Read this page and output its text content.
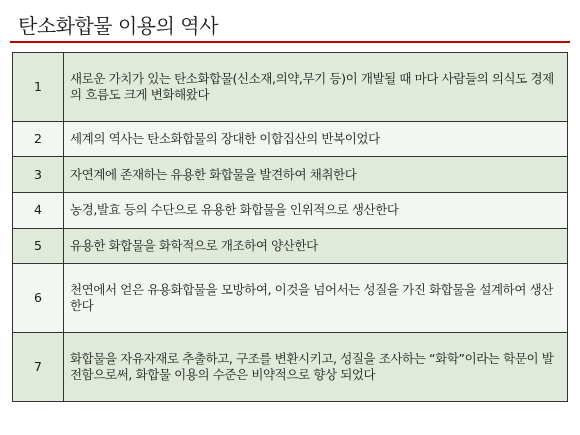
탄소화합물 이용의 역사
1	새로운 가치가 있는 탄소화합물(신소재,의약,무기 등)이 개발될 때 마다 사람들의 의식도 경제의 흐름도 크게 변화해왔다
2	세계의 역사는 탄소화합물의 장대한 이합집산의 반복이었다
3	자연계에 존재하는 유용한 화합물을 발견하여 채취한다
4	농경,발효 등의 수단으로 유용한 화합물을 인위적으로 생산한다
5	유용한 화합물을 화학적으로 개조하여 양산한다
6	천연에서 얻은 유용화합물을 모방하여, 이것을 넘어서는 성질을 가진 화합물을 설계하여 생산한다
7	화합물을 자유자재로 추출하고, 구조를 변환시키고, 성질을 조사하는 “화학”이라는 학문이 발전함으로써, 화합물 이용의 수준은 비약적으로 향상 되었다
